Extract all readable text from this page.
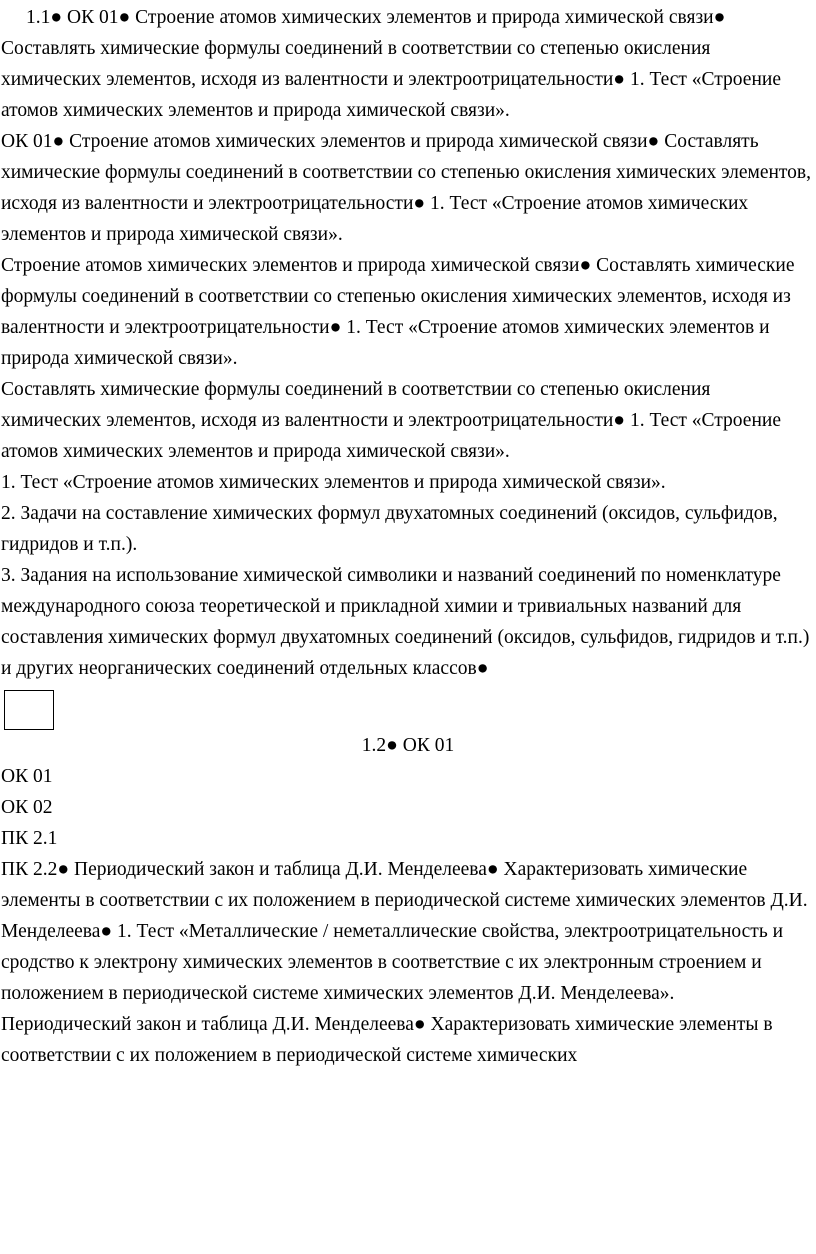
1.1● ОК 01● Строение атомов химических элементов и природа химической связи● Составлять химические формулы соединений в соответствии со степенью окисления химических элементов, исходя из валентности и электроотрицательности● 1. Тест «Строение атомов химических элементов и природа химической связи».

ОК 01● Строение атомов химических элементов и природа химической связи● Составлять химические формулы соединений в соответствии со степенью окисления химических элементов, исходя из валентности и электроотрицательности● 1. Тест «Строение атомов химических элементов и природа химической связи».

Строение атомов химических элементов и природа химической связи● Составлять химические формулы соединений в соответствии со степенью окисления химических элементов, исходя из валентности и электроотрицательности● 1. Тест «Строение атомов химических элементов и природа химической связи».

Составлять химические формулы соединений в соответствии со степенью окисления химических элементов, исходя из валентности и электроотрицательности● 1. Тест «Строение атомов химических элементов и природа химической связи».

1. Тест «Строение атомов химических элементов и природа химической связи».

2. Задачи на составление химических формул двухатомных соединений (оксидов, сульфидов, гидридов и т.п.).

3. Задания на использование химической символики и названий соединений по номенклатуре международного союза теоретической и прикладной химии и тривиальных названий для составления химических формул двухатомных соединений (оксидов, сульфидов, гидридов и т.п.) и других неорганических соединений отдельных классов●

1.2● ОК 01

ОК 01

ОК 02

ПК 2.1

ПК 2.2● Периодический закон и таблица Д.И. Менделеева● Характеризовать химические элементы в соответствии с их положением в периодической системе химических элементов Д.И. Менделеева● 1. Тест «Металлические / неметаллические свойства, электроотрицательность и сродство к электрону химических элементов в соответствие с их электронным строением и положением в периодической системе химических элементов Д.И. Менделеева».

Периодический закон и таблица Д.И. Менделеева● Характеризовать химические элементы в соответствии с их положением в периодической системе химических
